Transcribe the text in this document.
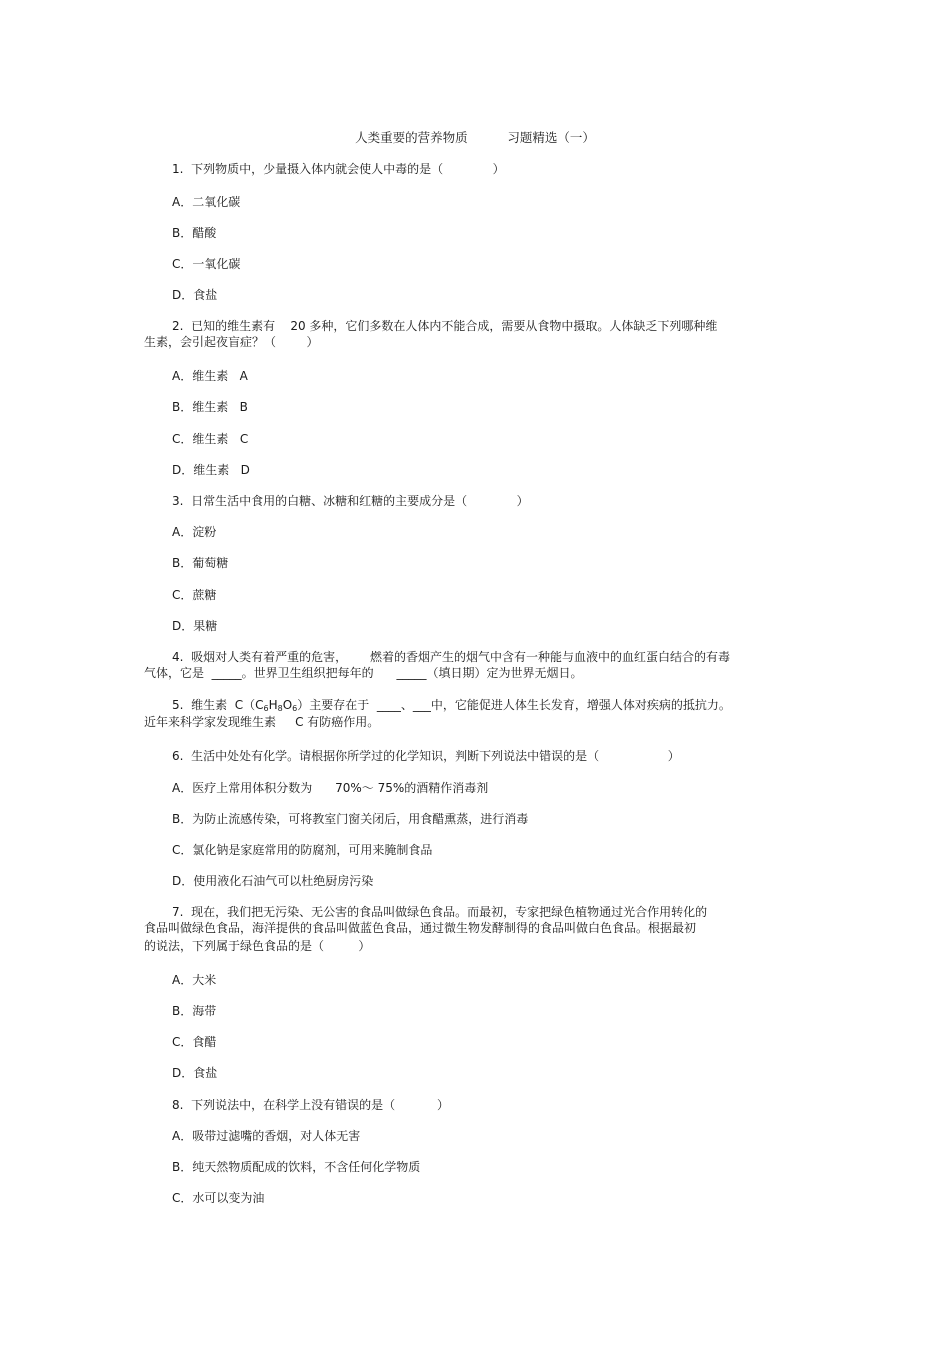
人类重要的营养物质          习题精选（一）
1.  下列物质中，少量摄入体内就会使人中毒的是（             ）
A．二氧化碳
B．醋酸
C．一氧化碳
D．食盐
2.  已知的维生素有    20 多种，它们多数在人体内不能合成，需要从食物中摄取。人体缺乏下列哪种维
生素，会引起夜盲症？（        ）
A．维生素   A
B．维生素   B
C．维生素   C
D．维生素   D
3.  日常生活中食用的白糖、冰糖和红糖的主要成分是（             ）
A．淀粉
B．葡萄糖
C．蔗糖
D．果糖
4.  吸烟对人类有着严重的危害，      燃着的香烟产生的烟气中含有一种能与血液中的血红蛋白结合的有毒
气体，它是  _____。世界卫生组织把每年的      _____（填日期）定为世界无烟日。
5.  维生素  $C(C_6H_8O_6)$主要存在于  ____、___中，它能促进人体生长发育，增强人体对疾病的抵抗力。
近年来科学家发现维生素     C 有防癌作用。
6.  生活中处处有化学。请根据你所学过的化学知识，判断下列说法中错误的是（                  ）
A．医疗上常用体积分数为      70%～ 75%的酒精作消毒剂
B．为防止流感传染，可将教室门窗关闭后，用食醋熏蒸，进行消毒
C．氯化钠是家庭常用的防腐剂，可用来腌制食品
D．使用液化石油气可以杜绝厨房污染
7.  现在，我们把无污染、无公害的食品叫做绿色食品。而最初，专家把绿色植物通过光合作用转化的
食品叫做绿色食品，海洋提供的食品叫做蓝色食品，通过微生物发酵制得的食品叫做白色食品。根据最初
的说法，下列属于绿色食品的是（         ）
A．大米
B．海带
C．食醋
D．食盐
8.  下列说法中，在科学上没有错误的是（           ）
A．吸带过滤嘴的香烟，对人体无害
B．纯天然物质配成的饮料，不含任何化学物质
C．水可以变为油
